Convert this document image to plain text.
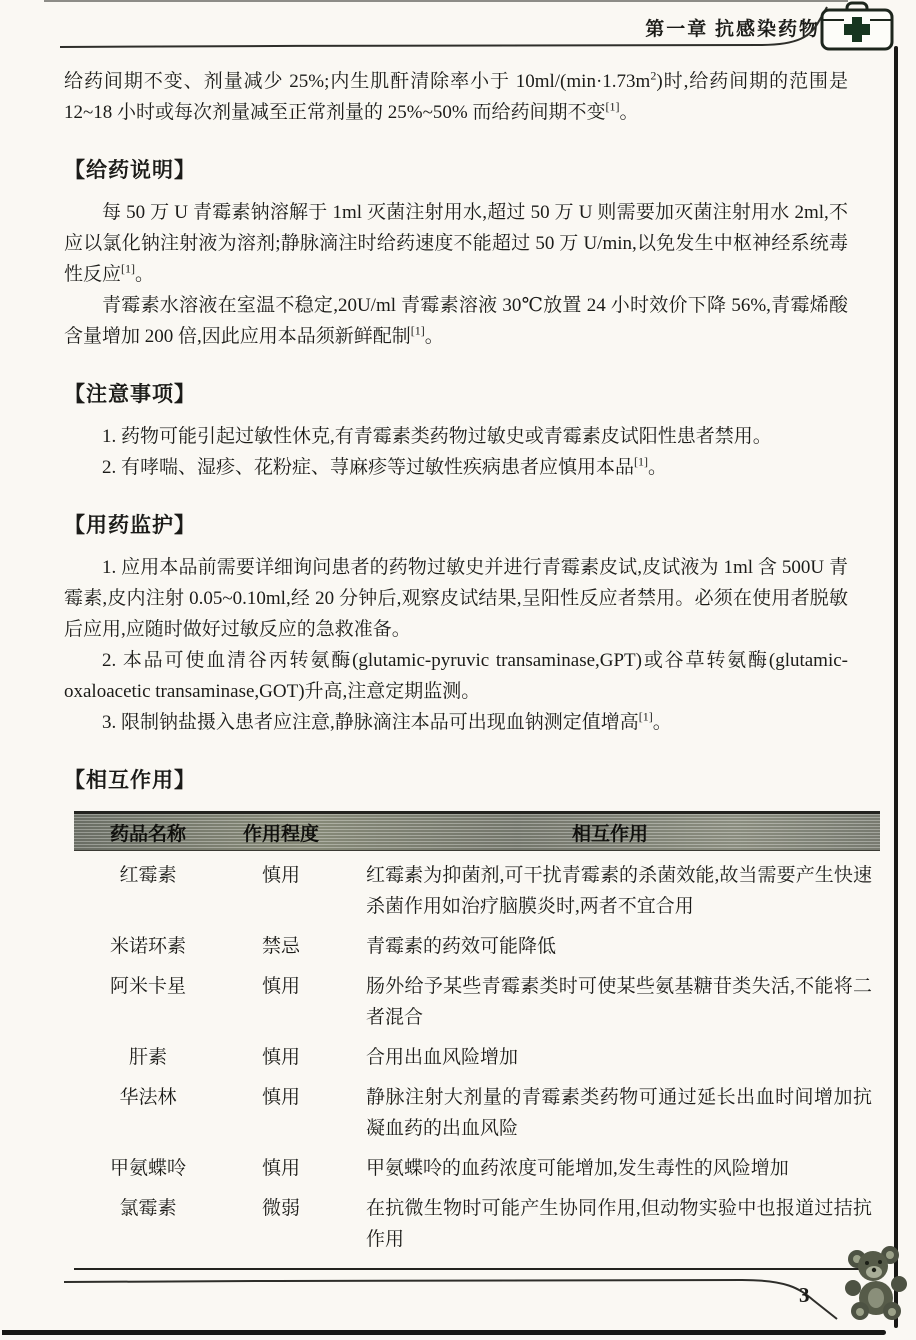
第一章 抗感染药物

给药间期不变、剂量减少 25%;内生肌酐清除率小于 $10ml/(\min\cdot 1.73m^2)$时,给药间期的范围是 12~18 小时或每次剂量减至正常剂量的 25%~50% 而给药间期不变[1]。

【给药说明】

每 50 万 U 青霉素钠溶解于 1ml 灭菌注射用水,超过 50 万 U 则需要加灭菌注射用水 2ml,不应以氯化钠注射液为溶剂;静脉滴注时给药速度不能超过 50 万 U/min,以免发生中枢神经系统毒性反应[1]。

青霉素水溶液在室温不稳定,20U/ml 青霉素溶液 30℃放置 24 小时效价下降 56%,青霉烯酸含量增加 200 倍,因此应用本品须新鲜配制[1]。

【注意事项】

1. 药物可能引起过敏性休克,有青霉素类药物过敏史或青霉素皮试阳性患者禁用。

2. 有哮喘、湿疹、花粉症、荨麻疹等过敏性疾病患者应慎用本品[1]。

【用药监护】

1. 应用本品前需要详细询问患者的药物过敏史并进行青霉素皮试,皮试液为 1ml 含 500U 青霉素,皮内注射 0.05~0.10ml,经 20 分钟后,观察皮试结果,呈阳性反应者禁用。必须在使用者脱敏后应用,应随时做好过敏反应的急救准备。

2. 本品可使血清谷丙转氨酶(glutamic-pyruvic transaminase,GPT)或谷草转氨酶(glutamic-oxaloacetic transaminase,GOT)升高,注意定期监测。

3. 限制钠盐摄入患者应注意,静脉滴注本品可出现血钠测定值增高[1]。

【相互作用】
药品名称	作用程度	相互作用
红霉素	慎用	红霉素为抑菌剂,可干扰青霉素的杀菌效能,故当需要产生快速杀菌作用如治疗脑膜炎时,两者不宜合用
米诺环素	禁忌	青霉素的药效可能降低
阿米卡星	慎用	肠外给予某些青霉素类时可使某些氨基糖苷类失活,不能将二者混合
肝素	慎用	合用出血风险增加
华法林	慎用	静脉注射大剂量的青霉素类药物可通过延长出血时间增加抗凝血药的出血风险
甲氨蝶呤	慎用	甲氨蝶呤的血药浓度可能增加,发生毒性的风险增加
氯霉素	微弱	在抗微生物时可能产生协同作用,但动物实验中也报道过拮抗作用
3
